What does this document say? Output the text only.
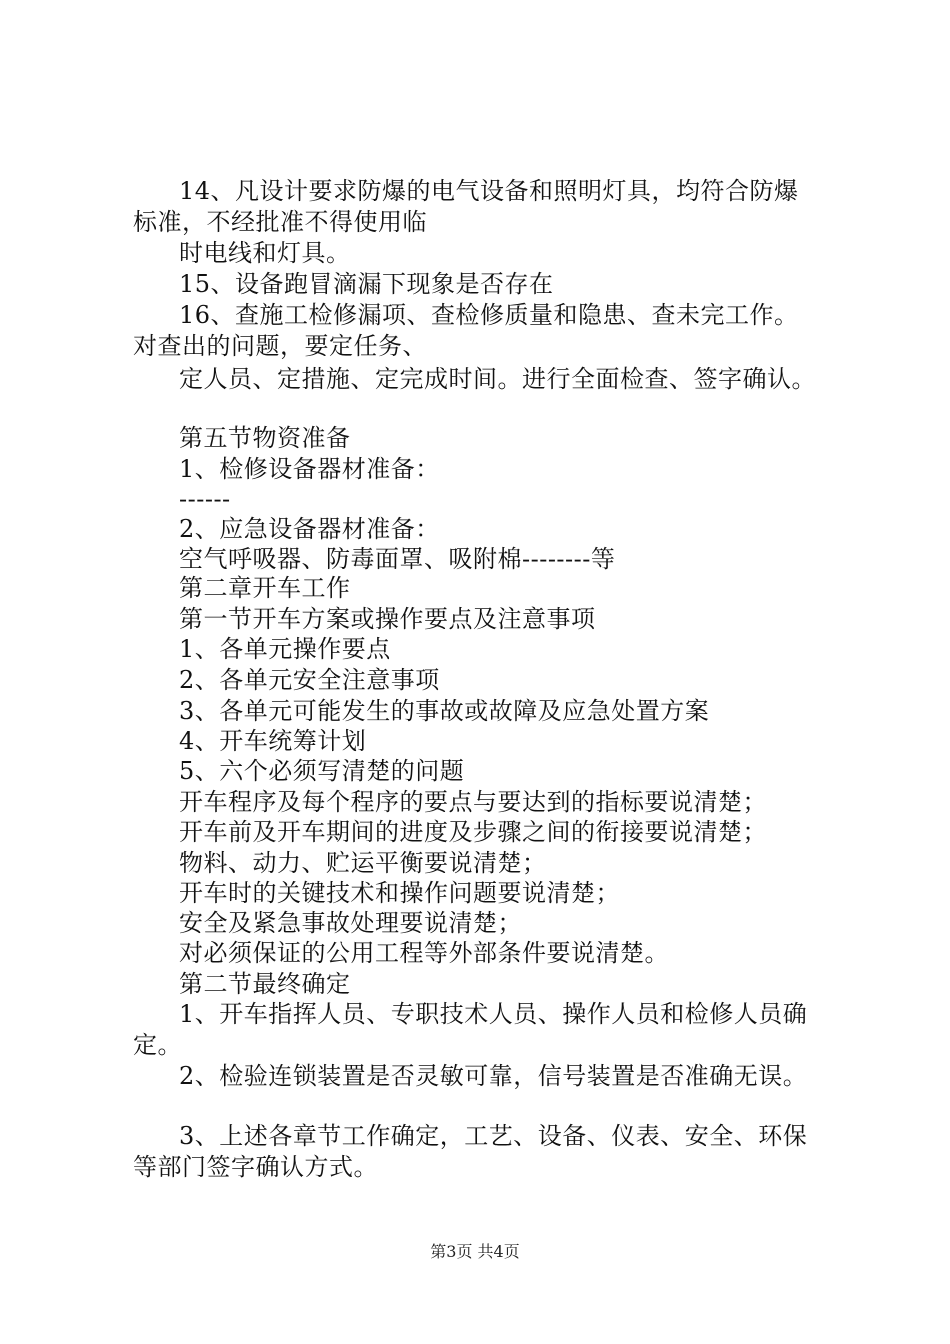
14、凡设计要求防爆的电气设备和照明灯具，均符合防爆
标准，不经批准不得使用临
时电线和灯具。
15、设备跑冒滴漏下现象是否存在
16、查施工检修漏项、查检修质量和隐患、查未完工作。
对查出的问题，要定任务、
定人员、定措施、定完成时间。进行全面检查、签字确认。
第五节物资准备
1、检修设备器材准备：
------
2、应急设备器材准备：
空气呼吸器、防毒面罩、吸附棉--------等
第二章开车工作
第一节开车方案或操作要点及注意事项
1、各单元操作要点
2、各单元安全注意事项
3、各单元可能发生的事故或故障及应急处置方案
4、开车统筹计划
5、六个必须写清楚的问题
开车程序及每个程序的要点与要达到的指标要说清楚；
开车前及开车期间的进度及步骤之间的衔接要说清楚；
物料、动力、贮运平衡要说清楚；
开车时的关键技术和操作问题要说清楚；
安全及紧急事故处理要说清楚；
对必须保证的公用工程等外部条件要说清楚。
第二节最终确定
1、开车指挥人员、专职技术人员、操作人员和检修人员确
定。
2、检验连锁装置是否灵敏可靠，信号装置是否准确无误。
3、上述各章节工作确定，工艺、设备、仪表、安全、环保
等部门签字确认方式。
第3页 共4页
